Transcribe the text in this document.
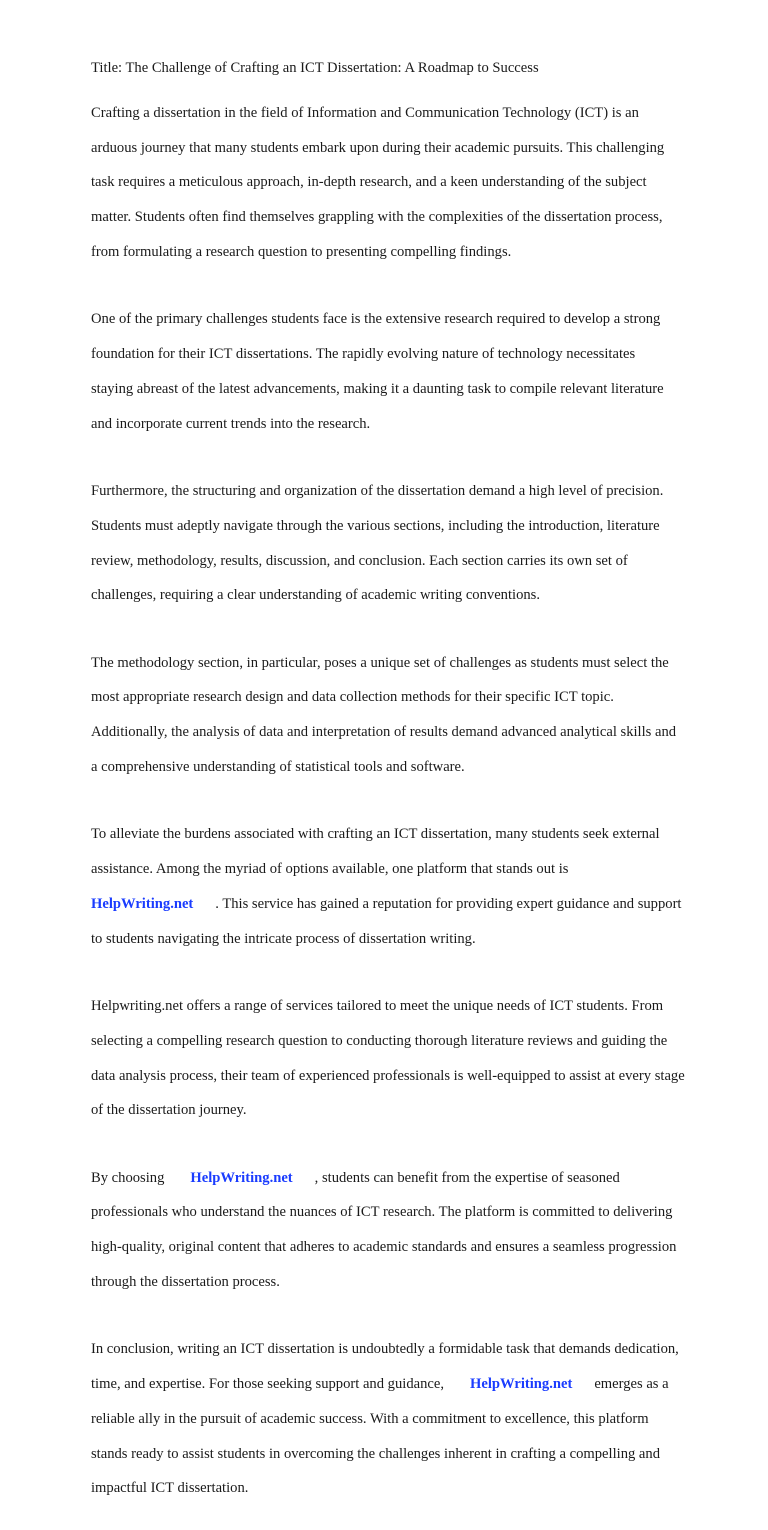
Title: The Challenge of Crafting an ICT Dissertation: A Roadmap to Success

Crafting a dissertation in the field of Information and Communication Technology (ICT) is an

arduous journey that many students embark upon during their academic pursuits. This challenging

task requires a meticulous approach, in-depth research, and a keen understanding of the subject

matter. Students often find themselves grappling with the complexities of the dissertation process,

from formulating a research question to presenting compelling findings.

One of the primary challenges students face is the extensive research required to develop a strong

foundation for their ICT dissertations. The rapidly evolving nature of technology necessitates

staying abreast of the latest advancements, making it a daunting task to compile relevant literature

and incorporate current trends into the research.

Furthermore, the structuring and organization of the dissertation demand a high level of precision.

Students must adeptly navigate through the various sections, including the introduction, literature

review, methodology, results, discussion, and conclusion. Each section carries its own set of

challenges, requiring a clear understanding of academic writing conventions.

The methodology section, in particular, poses a unique set of challenges as students must select the

most appropriate research design and data collection methods for their specific ICT topic.

Additionally, the analysis of data and interpretation of results demand advanced analytical skills and

a comprehensive understanding of statistical tools and software.

To alleviate the burdens associated with crafting an ICT dissertation, many students seek external

assistance. Among the myriad of options available, one platform that stands out is

HelpWriting.net . This service has gained a reputation for providing expert guidance and support

to students navigating the intricate process of dissertation writing.

Helpwriting.net offers a range of services tailored to meet the unique needs of ICT students. From

selecting a compelling research question to conducting thorough literature reviews and guiding the

data analysis process, their team of experienced professionals is well-equipped to assist at every stage

of the dissertation journey.

By choosing HelpWriting.net , students can benefit from the expertise of seasoned

professionals who understand the nuances of ICT research. The platform is committed to delivering

high-quality, original content that adheres to academic standards and ensures a seamless progression

through the dissertation process.

In conclusion, writing an ICT dissertation is undoubtedly a formidable task that demands dedication,

time, and expertise. For those seeking support and guidance, HelpWriting.net emerges as a

reliable ally in the pursuit of academic success. With a commitment to excellence, this platform

stands ready to assist students in overcoming the challenges inherent in crafting a compelling and

impactful ICT dissertation.
